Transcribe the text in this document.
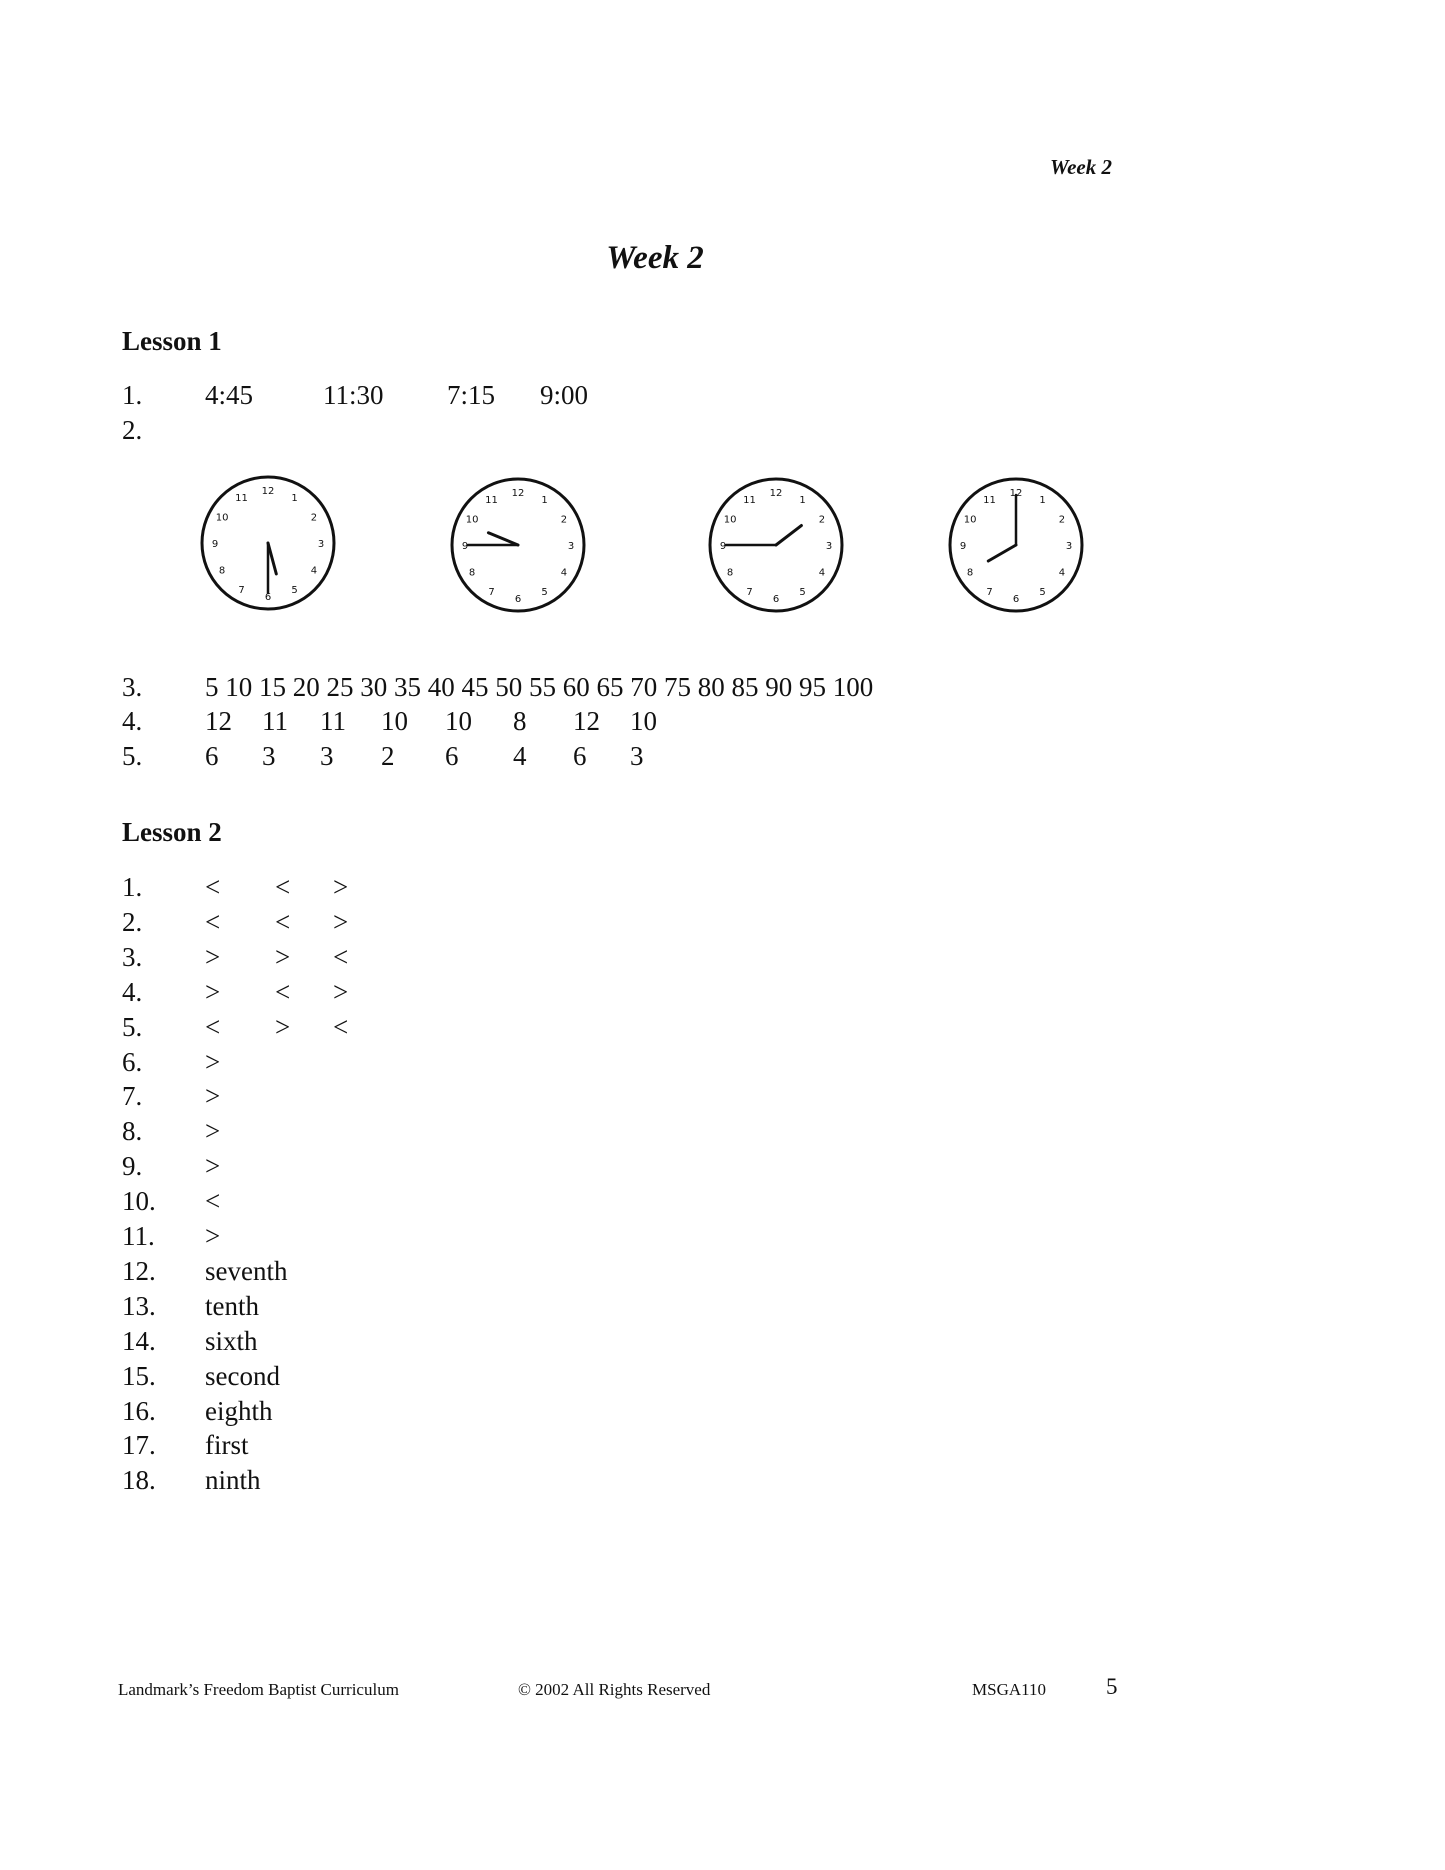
Week 2
Week 2
Lesson 1
1. 4:45	11:30 7:15 9:00
2.
1
2
3
4
5
6
7
8
9
10
11
12
1
2
3
4
5
6
7
8
9
10
11
12
1
2
3
4
5
6
7
8
9
10
11
12
1
2
3
4
5
6
7
8
9
10
11
12
3. 5 10 15 20 25 30 35 40 45 50 55 60 65 70 75 80 85 90 95 100
4. 12 11 11 10 10 8 12 10
5. 6 3 3 2 6 4 6 3
Lesson 2
1. < < >
2. < < >
3. > > <
4. > < >
5. < > <
6. >
7. >
8. >
9. >
10. <
11. >
12. seventh
13. tenth
14. sixth
15. second
16. eighth
17. first
18. ninth
Landmark’s Freedom Baptist Curriculum	© 2002 All Rights Reserved	MSGA110	5
